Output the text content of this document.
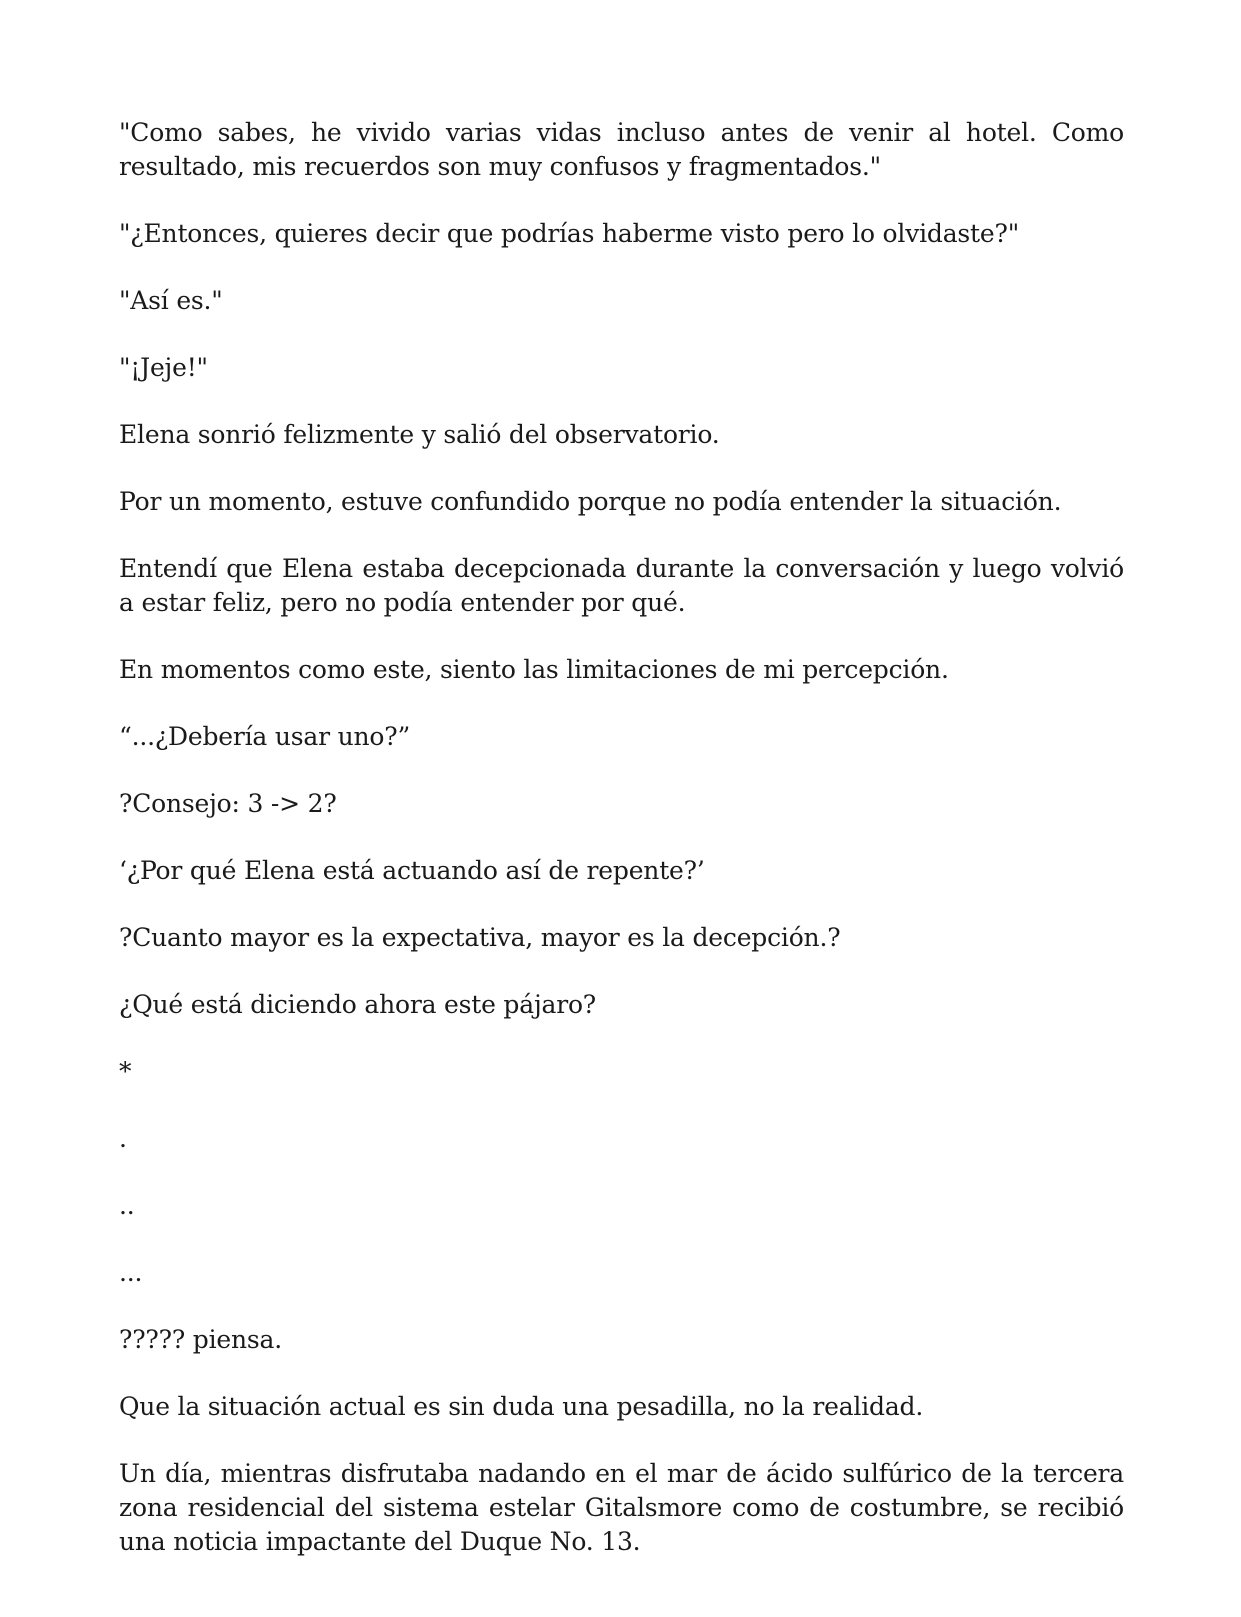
"Como sabes, he vivido varias vidas incluso antes de venir al hotel. Como resultado, mis recuerdos son muy confusos y fragmentados."

"¿Entonces, quieres decir que podrías haberme visto pero lo olvidaste?"

"Así es."

"¡Jeje!"

Elena sonrió felizmente y salió del observatorio.

Por un momento, estuve confundido porque no podía entender la situación.

Entendí que Elena estaba decepcionada durante la conversación y luego volvió a estar feliz, pero no podía entender por qué.

En momentos como este, siento las limitaciones de mi percepción.

“...¿Debería usar uno?”

?Consejo: 3 -> 2?

‘¿Por qué Elena está actuando así de repente?’

?Cuanto mayor es la expectativa, mayor es la decepción.?

¿Qué está diciendo ahora este pájaro?

*

.

..

...

????? piensa.

Que la situación actual es sin duda una pesadilla, no la realidad.

Un día, mientras disfrutaba nadando en el mar de ácido sulfúrico de la tercera zona residencial del sistema estelar Gitalsmore como de costumbre, se recibió una noticia impactante del Duque No. 13.
